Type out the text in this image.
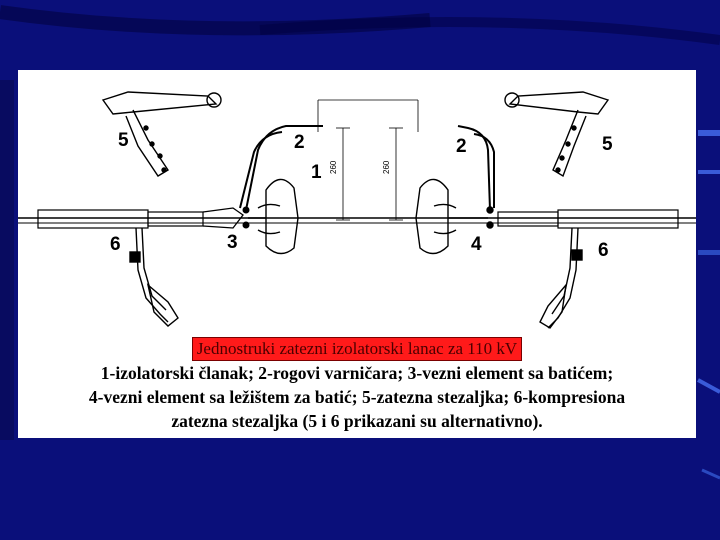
1
2	2
3	4
5	5
6	6
260	260
Jednostruki zatezni izolatorski lanac za 110 kV
1-izolatorski članak; 2-rogovi varničara; 3-vezni element sa batićem;
4-vezni element sa ležištem za batić; 5-zatezna stezaljka; 6-kompresiona
zatezna stezaljka (5 i 6 prikazani su alternativno).
